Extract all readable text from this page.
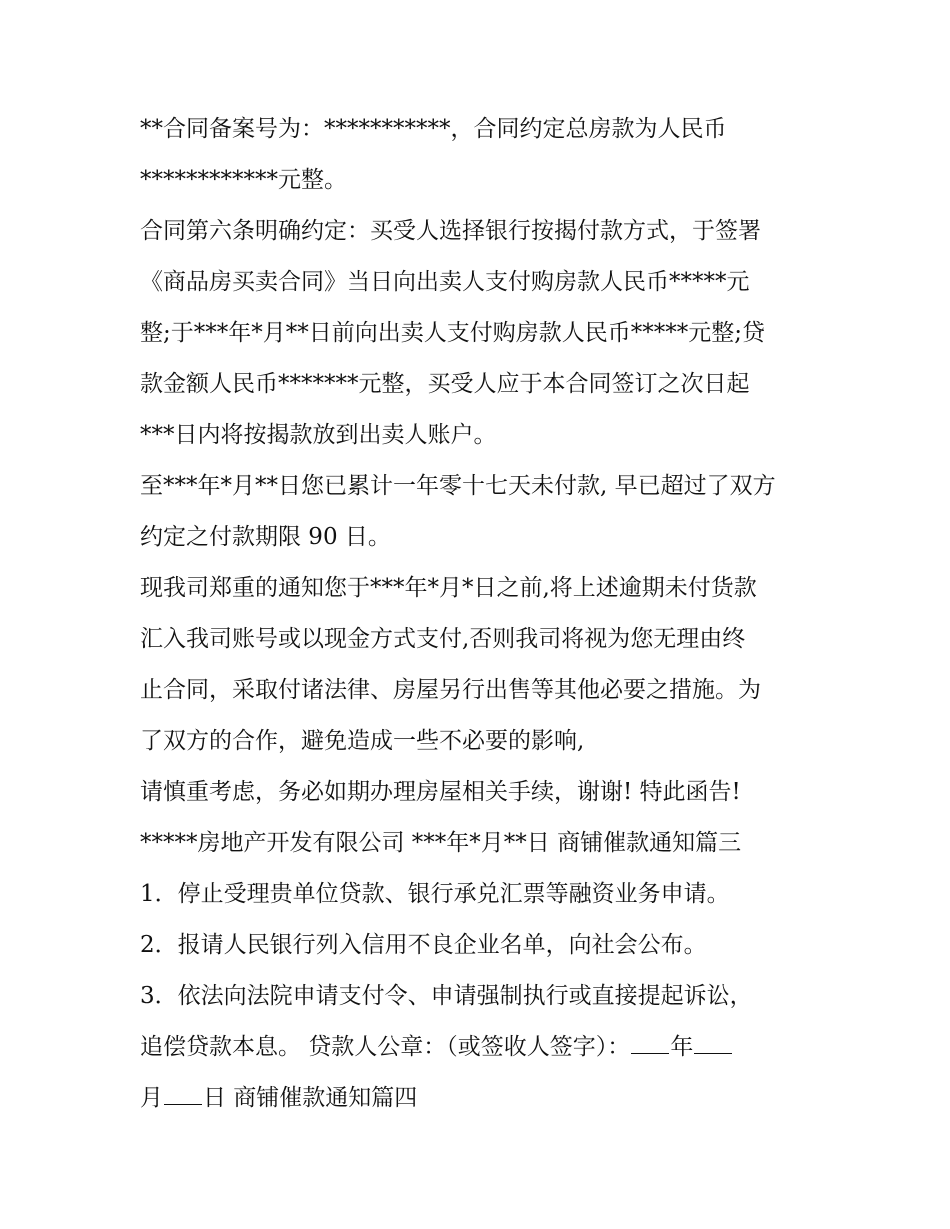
**合同备案号为：***********，合同约定总房款为人民币
************元整。
合同第六条明确约定：买受人选择银行按揭付款方式，于签署
《商品房买卖合同》当日向出卖人支付购房款人民币*****元
整;于***年*月**日前向出卖人支付购房款人民币*****元整;贷
款金额人民币*******元整，买受人应于本合同签订之次日起
***日内将按揭款放到出卖人账户。
至***年*月**日您已累计一年零十七天未付款, 早已超过了双方
约定之付款期限 90 日。
现我司郑重的通知您于***年*月*日之前,将上述逾期未付货款
汇入我司账号或以现金方式支付,否则我司将视为您无理由终
止合同，采取付诸法律、房屋另行出售等其他必要之措施。为
了双方的合作，避免造成一些不必要的影响,
请慎重考虑，务必如期办理房屋相关手续，谢谢! 特此函告!
*****房地产开发有限公司 ***年*月**日 商铺催款通知篇三
1．停止受理贵单位贷款、银行承兑汇票等融资业务申请。
2．报请人民银行列入信用不良企业名单，向社会公布。
3．依法向法院申请支付令、申请强制执行或直接提起诉讼，
追偿贷款本息。 贷款人公章：（或签收人签字）： 年
月 日 商铺催款通知篇四
